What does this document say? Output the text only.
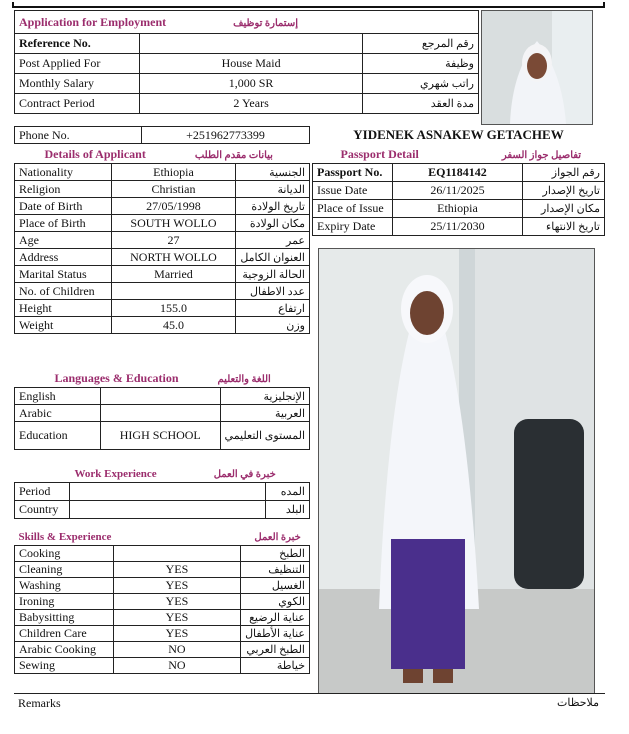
Application for Employment إستمارة توظيف		
Reference No.		رقم المرجع
Post Applied For	House Maid	وظيفة
Monthly Salary	1,000 SR	راتب شهري
Contract Period	2 Years	مدة العقد
Phone No.	+251962773399	YIDENEK ASNAKEW GETACHEW
Details of Applicant بيانات مقدم الطلب		
Nationality	Ethiopia	الجنسية
Religion	Christian	الديانة
Date of Birth	27/05/1998	تاريخ الولادة
Place of Birth	SOUTH WOLLO	مكان الولادة
Age	27	عمر
Address	NORTH WOLLO	العنوان الكامل
Marital Status	Married	الحالة الزوجية
No. of Children		عدد الاطفال
Height	155.0	ارتفاع
Weight	45.0	وزن
Passport Detail تفاصيل جواز السفر		
Passport No.	EQ1184142	رقم الجواز
Issue Date	26/11/2025	تاريخ الإصدار
Place of Issue	Ethiopia	مكان الإصدار
Expiry Date	25/11/2030	تاريخ الانتهاء
Languages & Education اللغة والتعليم		
English		الإنجليزية
Arabic		العربية
Education	HIGH SCHOOL	المستوى التعليمي
Work Experience خبرة في العمل		
Period		المده
Country		البلد
Skills & Experience خبرة العمل		
Cooking		الطبخ
Cleaning	YES	التنظيف
Washing	YES	الغسيل
Ironing	YES	الكوي
Babysitting	YES	عناية الرضيع
Children Care	YES	عناية الأطفال
Arabic Cooking	NO	الطبخ العربي
Sewing	NO	خياطة
Remarks	ملاحظات
